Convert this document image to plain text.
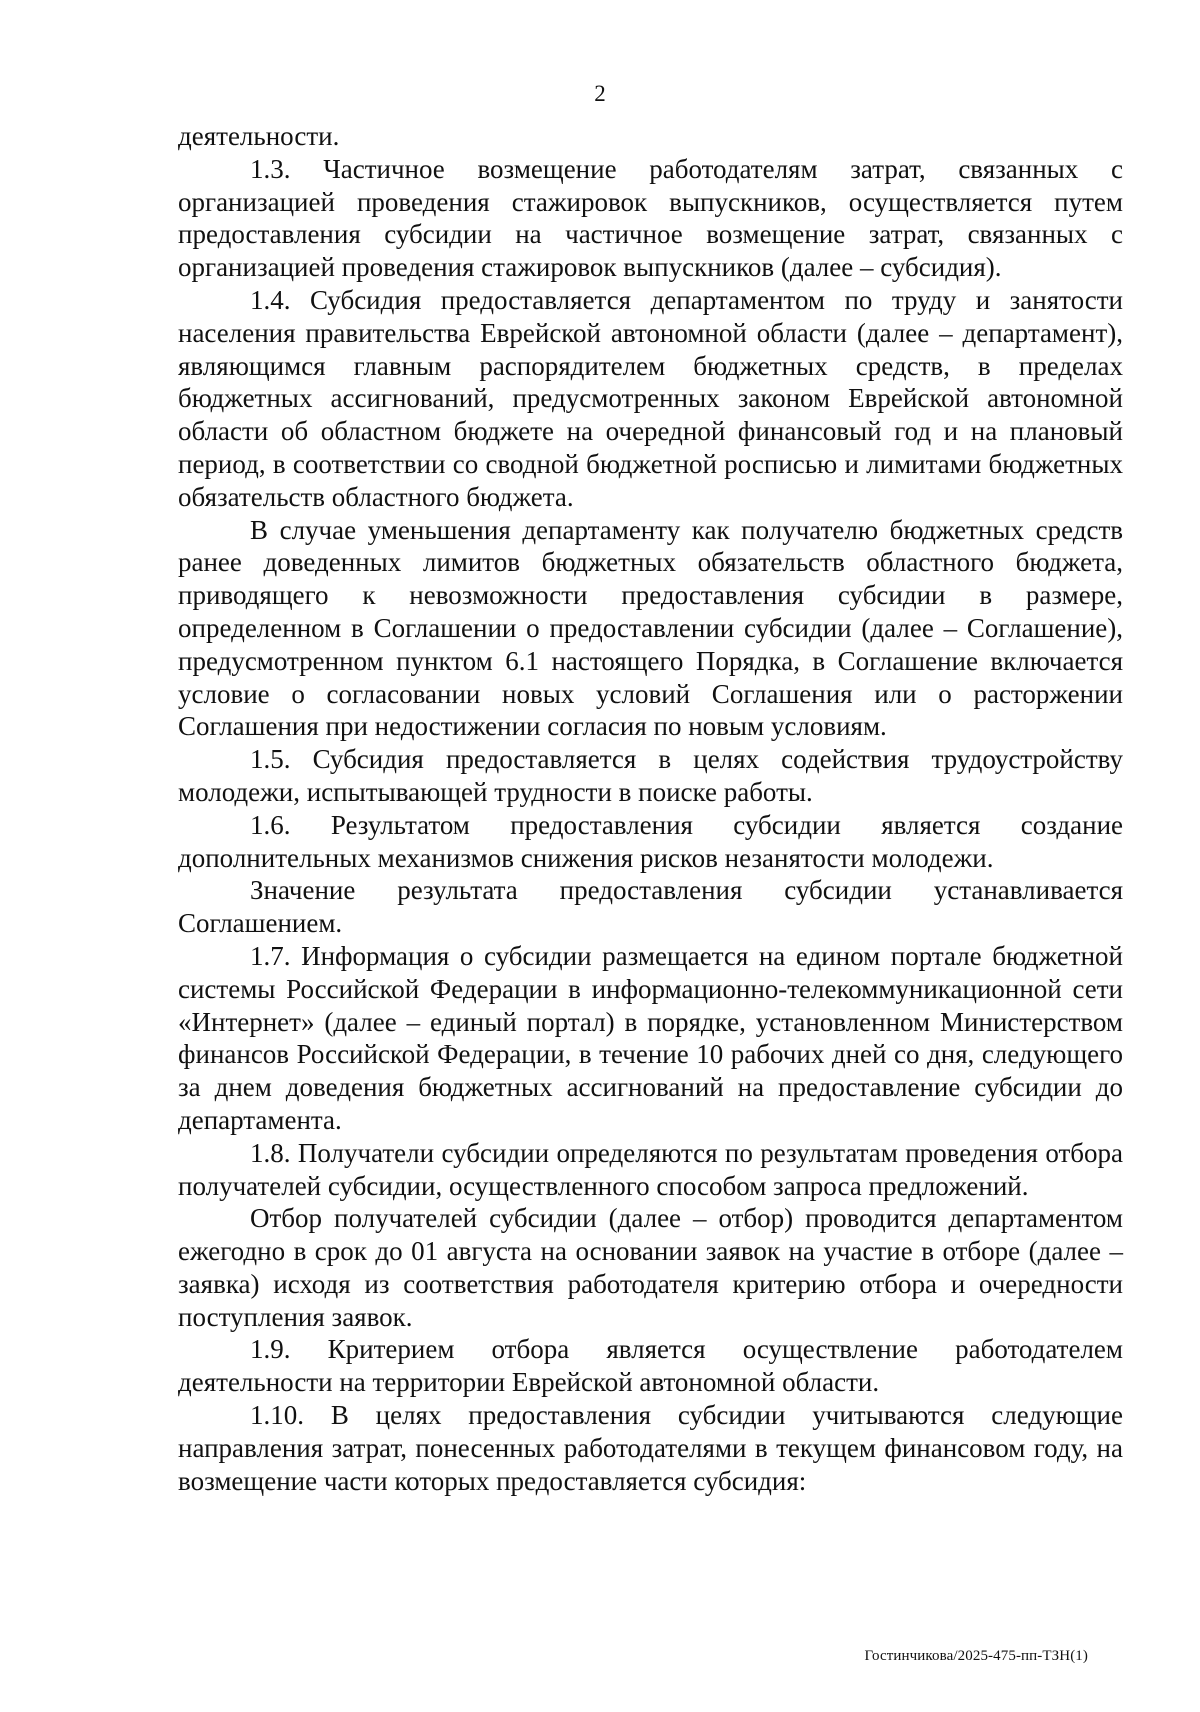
2

деятельности.

1.3. Частичное возмещение работодателям затрат, связанных с организацией проведения стажировок выпускников, осуществляется путем предоставления субсидии на частичное возмещение затрат, связанных с организацией проведения стажировок выпускников (далее – субсидия).

1.4. Субсидия предоставляется департаментом по труду и занятости населения правительства Еврейской автономной области (далее – департамент), являющимся главным распорядителем бюджетных средств, в пределах бюджетных ассигнований, предусмотренных законом Еврейской автономной области об областном бюджете на очередной финансовый год и на плановый период, в соответствии со сводной бюджетной росписью и лимитами бюджетных обязательств областного бюджета.

В случае уменьшения департаменту как получателю бюджетных средств ранее доведенных лимитов бюджетных обязательств областного бюджета, приводящего к невозможности предоставления субсидии в размере, определенном в Соглашении о предоставлении субсидии (далее – Соглашение), предусмотренном пунктом 6.1 настоящего Порядка, в Соглашение включается условие о согласовании новых условий Соглашения или о расторжении Соглашения при недостижении согласия по новым условиям.

1.5. Субсидия предоставляется в целях содействия трудоустройству молодежи, испытывающей трудности в поиске работы.

1.6. Результатом предоставления субсидии является создание дополнительных механизмов снижения рисков незанятости молодежи.

Значение результата предоставления субсидии устанавливается Соглашением.

1.7. Информация о субсидии размещается на едином портале бюджетной системы Российской Федерации в информационно-телекоммуникационной сети «Интернет» (далее – единый портал) в порядке, установленном Министерством финансов Российской Федерации, в течение 10 рабочих дней со дня, следующего за днем доведения бюджетных ассигнований на предоставление субсидии до департамента.

1.8. Получатели субсидии определяются по результатам проведения отбора получателей субсидии, осуществленного способом запроса предложений.

Отбор получателей субсидии (далее – отбор) проводится департаментом ежегодно в срок до 01 августа на основании заявок на участие в отборе (далее – заявка) исходя из соответствия работодателя критерию отбора и очередности поступления заявок.

1.9. Критерием отбора является осуществление работодателем деятельности на территории Еврейской автономной области.

1.10. В целях предоставления субсидии учитываются следующие направления затрат, понесенных работодателями в текущем финансовом году, на возмещение части которых предоставляется субсидия:

Гостинчикова/2025-475-пп-ТЗН(1)
